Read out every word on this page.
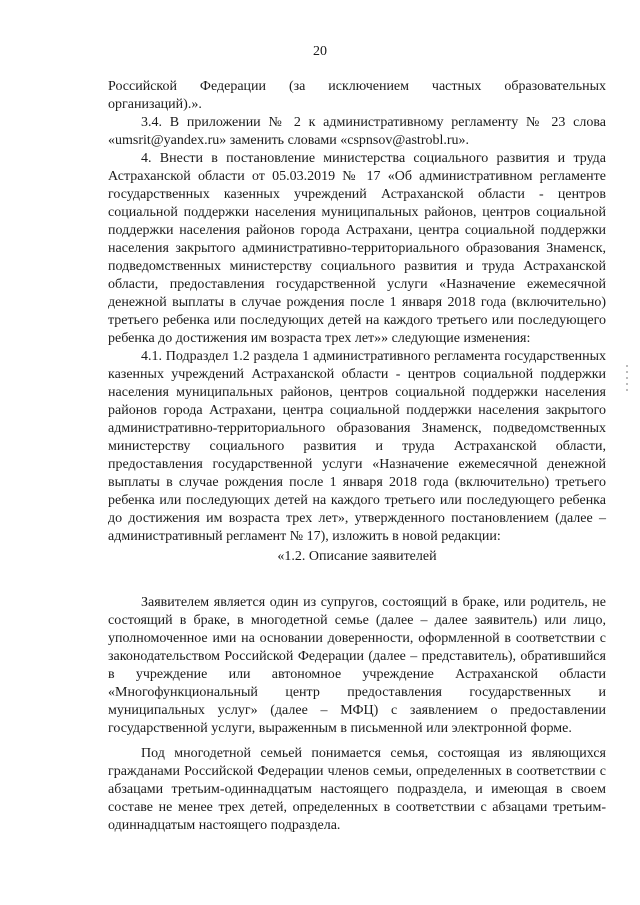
20

Российской Федерации (за исключением частных образовательных организаций).».

3.4. В приложении № 2 к административному регламенту № 23 слова «umsrit@yandex.ru» заменить словами «cspnsov@astrobl.ru».

4. Внести в постановление министерства социального развития и труда Астраханской области от 05.03.2019 № 17 «Об административном регламенте государственных казенных учреждений Астраханской области - центров социальной поддержки населения муниципальных районов, центров социальной поддержки населения районов города Астрахани, центра социальной поддержки населения закрытого административно-территориального образования Знаменск, подведомственных министерству социального развития и труда Астраханской области, предоставления государственной услуги «Назначение ежемесячной денежной выплаты в случае рождения после 1 января 2018 года (включительно) третьего ребенка или последующих детей на каждого третьего или последующего ребенка до достижения им возраста трех лет»» следующие изменения:

4.1. Подраздел 1.2 раздела 1 административного регламента государственных казенных учреждений Астраханской области - центров социальной поддержки населения муниципальных районов, центров социальной поддержки населения районов города Астрахани, центра социальной поддержки населения закрытого административно-территориального образования Знаменск, подведомственных министерству социального развития и труда Астраханской области, предоставления государственной услуги «Назначение ежемесячной денежной выплаты в случае рождения после 1 января 2018 года (включительно) третьего ребенка или последующих детей на каждого третьего или последующего ребенка до достижения им возраста трех лет», утвержденного постановлением (далее – административный регламент № 17), изложить в новой редакции:

«1.2. Описание заявителей

Заявителем является один из супругов, состоящий в браке, или родитель, не состоящий в браке, в многодетной семье (далее – далее заявитель) или лицо, уполномоченное ими на основании доверенности, оформленной в соответствии с законодательством Российской Федерации (далее – представитель), обратившийся в учреждение или автономное учреждение Астраханской области «Многофункциональный центр предоставления государственных и муниципальных услуг» (далее – МФЦ) с заявлением о предоставлении государственной услуги, выраженным в письменной или электронной форме.

Под многодетной семьей понимается семья, состоящая из являющихся гражданами Российской Федерации членов семьи, определенных в соответствии с абзацами третьим-одиннадцатым настоящего подраздела, и имеющая в своем составе не менее трех детей, определенных в соответствии с абзацами третьим-одиннадцатым настоящего подраздела.
